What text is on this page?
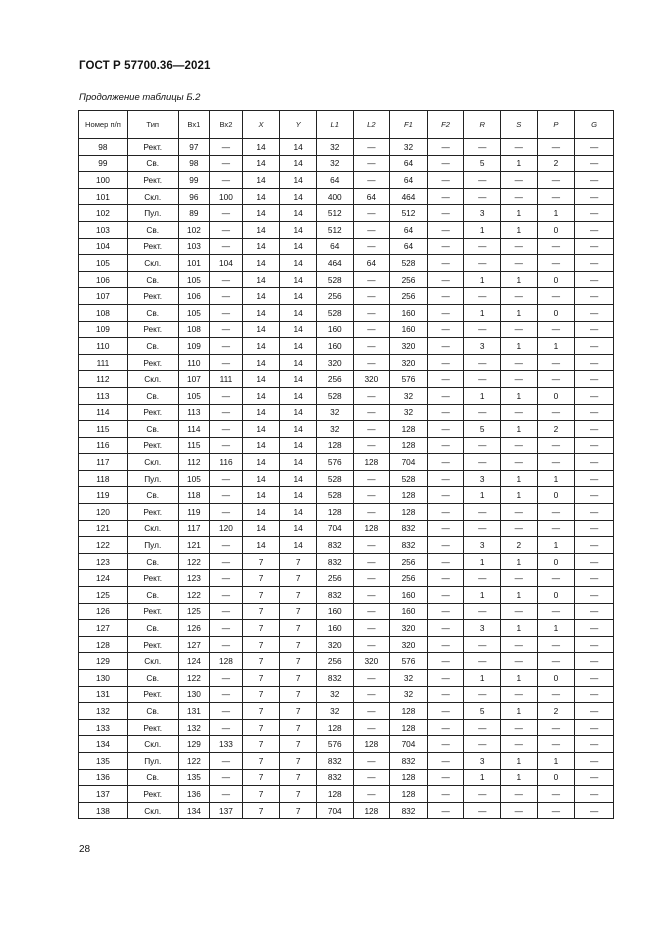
ГОСТ Р 57700.36—2021
Продолжение таблицы Б.2
Номер п/п	Тип	Вх1	Вх2	X	Y	L1	L2	F1	F2	R	S	P	G
98	Рект.	97	—	14	14	32	—	32	—	—	—	—	—
99	Св.	98	—	14	14	32	—	64	—	5	1	2	—
100	Рект.	99	—	14	14	64	—	64	—	—	—	—	—
101	Скл.	96	100	14	14	400	64	464	—	—	—	—	—
102	Пул.	89	—	14	14	512	—	512	—	3	1	1	—
103	Св.	102	—	14	14	512	—	64	—	1	1	0	—
104	Рект.	103	—	14	14	64	—	64	—	—	—	—	—
105	Скл.	101	104	14	14	464	64	528	—	—	—	—	—
106	Св.	105	—	14	14	528	—	256	—	1	1	0	—
107	Рект.	106	—	14	14	256	—	256	—	—	—	—	—
108	Св.	105	—	14	14	528	—	160	—	1	1	0	—
109	Рект.	108	—	14	14	160	—	160	—	—	—	—	—
110	Св.	109	—	14	14	160	—	320	—	3	1	1	—
111	Рект.	110	—	14	14	320	—	320	—	—	—	—	—
112	Скл.	107	111	14	14	256	320	576	—	—	—	—	—
113	Св.	105	—	14	14	528	—	32	—	1	1	0	—
114	Рект.	113	—	14	14	32	—	32	—	—	—	—	—
115	Св.	114	—	14	14	32	—	128	—	5	1	2	—
116	Рект.	115	—	14	14	128	—	128	—	—	—	—	—
117	Скл.	112	116	14	14	576	128	704	—	—	—	—	—
118	Пул.	105	—	14	14	528	—	528	—	3	1	1	—
119	Св.	118	—	14	14	528	—	128	—	1	1	0	—
120	Рект.	119	—	14	14	128	—	128	—	—	—	—	—
121	Скл.	117	120	14	14	704	128	832	—	—	—	—	—
122	Пул.	121	—	14	14	832	—	832	—	3	2	1	—
123	Св.	122	—	7	7	832	—	256	—	1	1	0	—
124	Рект.	123	—	7	7	256	—	256	—	—	—	—	—
125	Св.	122	—	7	7	832	—	160	—	1	1	0	—
126	Рект.	125	—	7	7	160	—	160	—	—	—	—	—
127	Св.	126	—	7	7	160	—	320	—	3	1	1	—
128	Рект.	127	—	7	7	320	—	320	—	—	—	—	—
129	Скл.	124	128	7	7	256	320	576	—	—	—	—	—
130	Св.	122	—	7	7	832	—	32	—	1	1	0	—
131	Рект.	130	—	7	7	32	—	32	—	—	—	—	—
132	Св.	131	—	7	7	32	—	128	—	5	1	2	—
133	Рект.	132	—	7	7	128	—	128	—	—	—	—	—
134	Скл.	129	133	7	7	576	128	704	—	—	—	—	—
135	Пул.	122	—	7	7	832	—	832	—	3	1	1	—
136	Св.	135	—	7	7	832	—	128	—	1	1	0	—
137	Рект.	136	—	7	7	128	—	128	—	—	—	—	—
138	Скл.	134	137	7	7	704	128	832	—	—	—	—	—
28
